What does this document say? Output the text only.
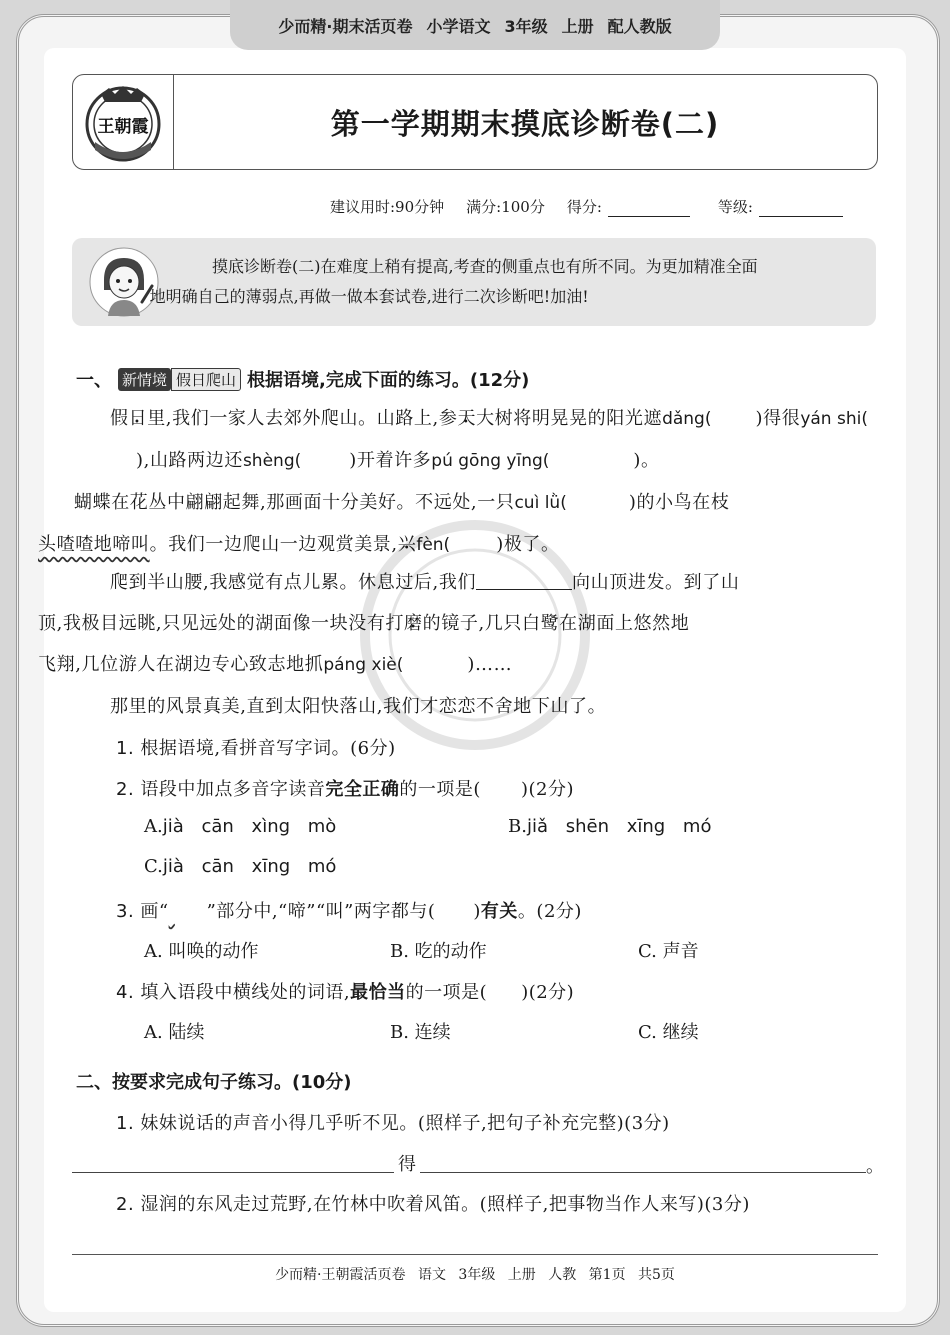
少而精·期末活页卷 小学语文 3年级 上册 配人教版
王朝霞	第一学期期末摸底诊断卷(二)
建议用时:90分钟 满分:100分 得分:	等级:
摸底诊断卷(二)在难度上稍有提高,考查的侧重点也有所不同。为更加精准全面
地明确自己的薄弱点,再做一做本套试卷,进行二次诊断吧!加油!
一、 新情境 假日爬山 根据语境,完成下面的练习。(12分)
假 •日里,我们一家人去郊外爬山。山路上,参 •天大树将明晃晃的阳光遮dǎng( )得很yán shi(),山路两边还shèng(	)开着许多pú gōng yīng(	)。
蝴蝶在花丛中翩翩起舞,那画面十分美好。不远处,一只cuì lǜ(	)的小鸟在枝
头喳喳地啼叫。我们一边爬山一边观赏美景,兴 •fèn(	)极了。
爬到半山腰,我感觉有点儿累。休息过后,我们	向山顶进发。到了山
顶,我极目远眺,只见远处的湖面像一块没有打磨 •的镜子,几只白鹭在湖面上悠然地
飞翔,几位游人在湖边专心致志地抓páng xiè(	)……
那里的风景真美,直到太阳快落山,我们才恋恋不舍地下山了。
1. 根据语境,看拼音写字词。(6分)
2. 语段中加点多音字读音完全正确的一项是( )(2分)
A.jià cān xìng mò	B.jiǎ shēn xīng mó
C.jià cān xīng mó
3. 画“ ”部分中,“啼”“叫”两字都与( )有关。(2分)
A. 叫唤的动作	B. 吃的动作	C. 声音
4. 填入语段中横线处的词语,最恰当的一项是( )(2分)
A. 陆续	B. 连续	C. 继续
二、按要求完成句子练习。(10分)
1. 妹妹说话的声音小得几乎听不见。(照样子,把句子补充完整)(3分)
得	。
2. 湿润的东风走过荒野,在竹林中吹着风笛。(照样子,把事物当作人来写)(3分)
少而精·王朝霞活页卷 语文 3年级 上册 人教 第1页 共5页
